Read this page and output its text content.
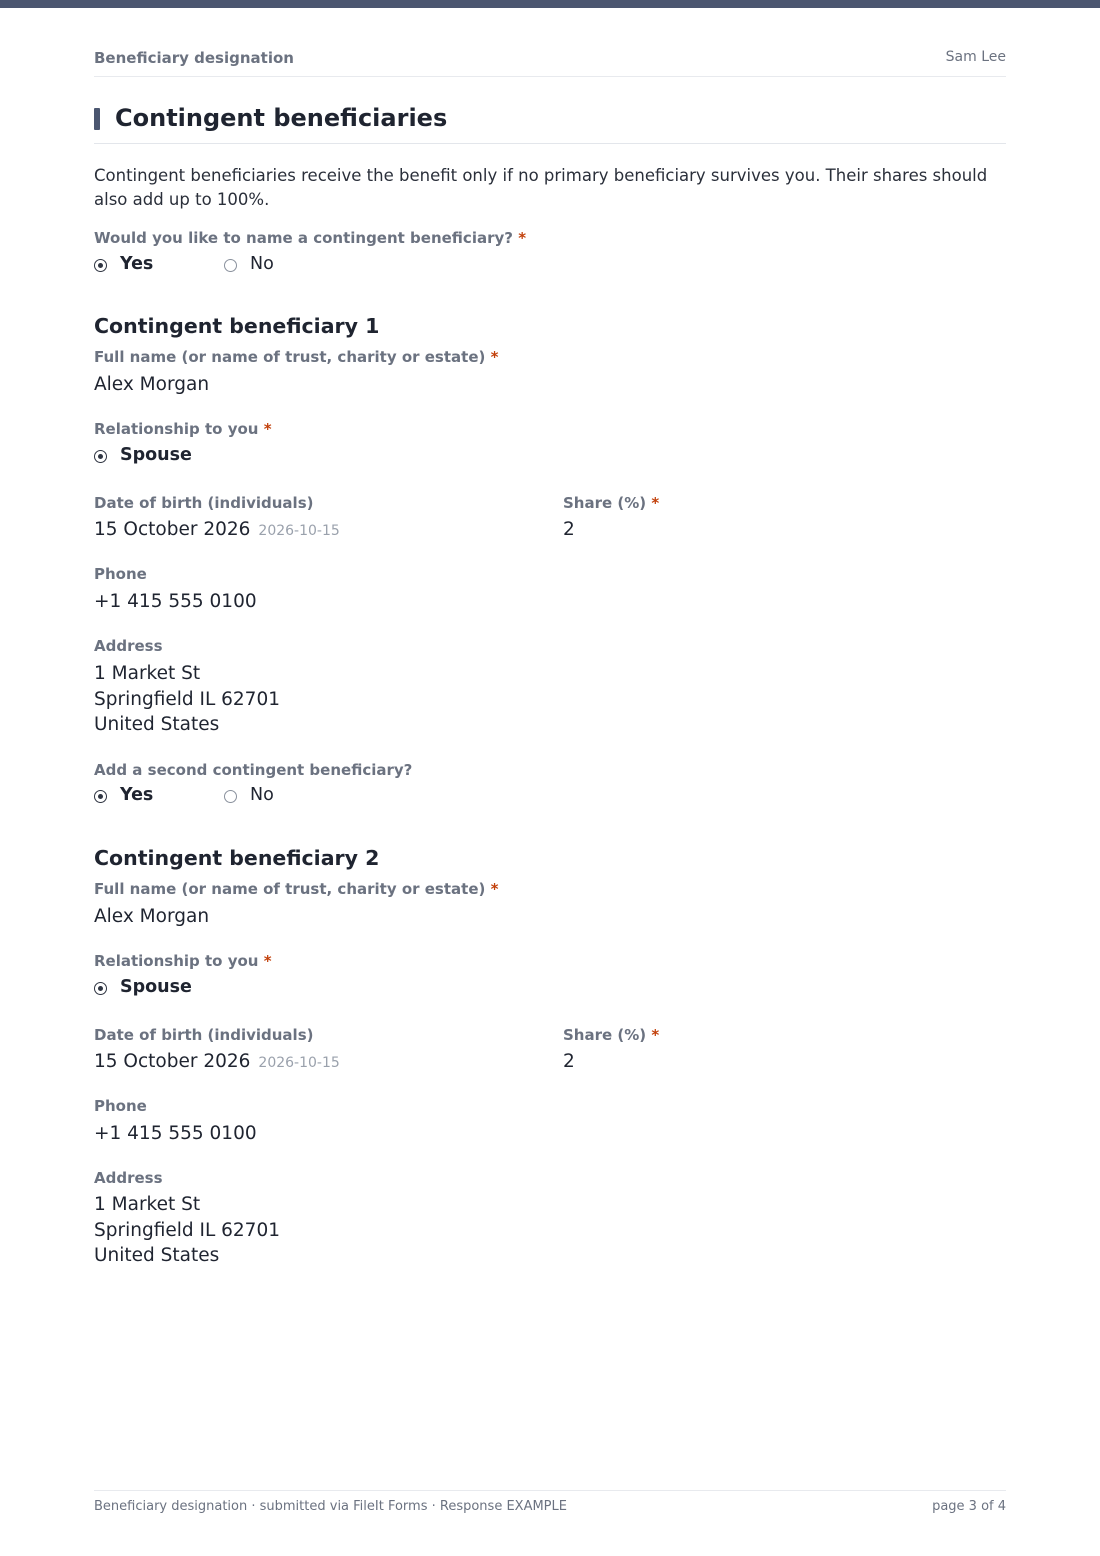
Beneficiary designation	Sam Lee
Contingent beneficiaries
Contingent beneficiaries receive the benefit only if no primary beneficiary survives you. Their shares should also add up to 100%.
Would you like to name a contingent beneficiary? *
Yes	No
Contingent beneficiary 1
Full name (or name of trust, charity or estate) *
Alex Morgan
Relationship to you *
Spouse
Date of birth (individuals)
15 October 2026 2026-10-15
Share (%) *
2
Phone
+1 415 555 0100
Address
1 Market St
Springfield IL 62701
United States
Add a second contingent beneficiary?
Yes	No
Contingent beneficiary 2
Full name (or name of trust, charity or estate) *
Alex Morgan
Relationship to you *
Spouse
Date of birth (individuals)
15 October 2026 2026-10-15
Share (%) *
2
Phone
+1 415 555 0100
Address
1 Market St
Springfield IL 62701
United States
Beneficiary designation · submitted via FileIt Forms · Response EXAMPLE	page 3 of 4
